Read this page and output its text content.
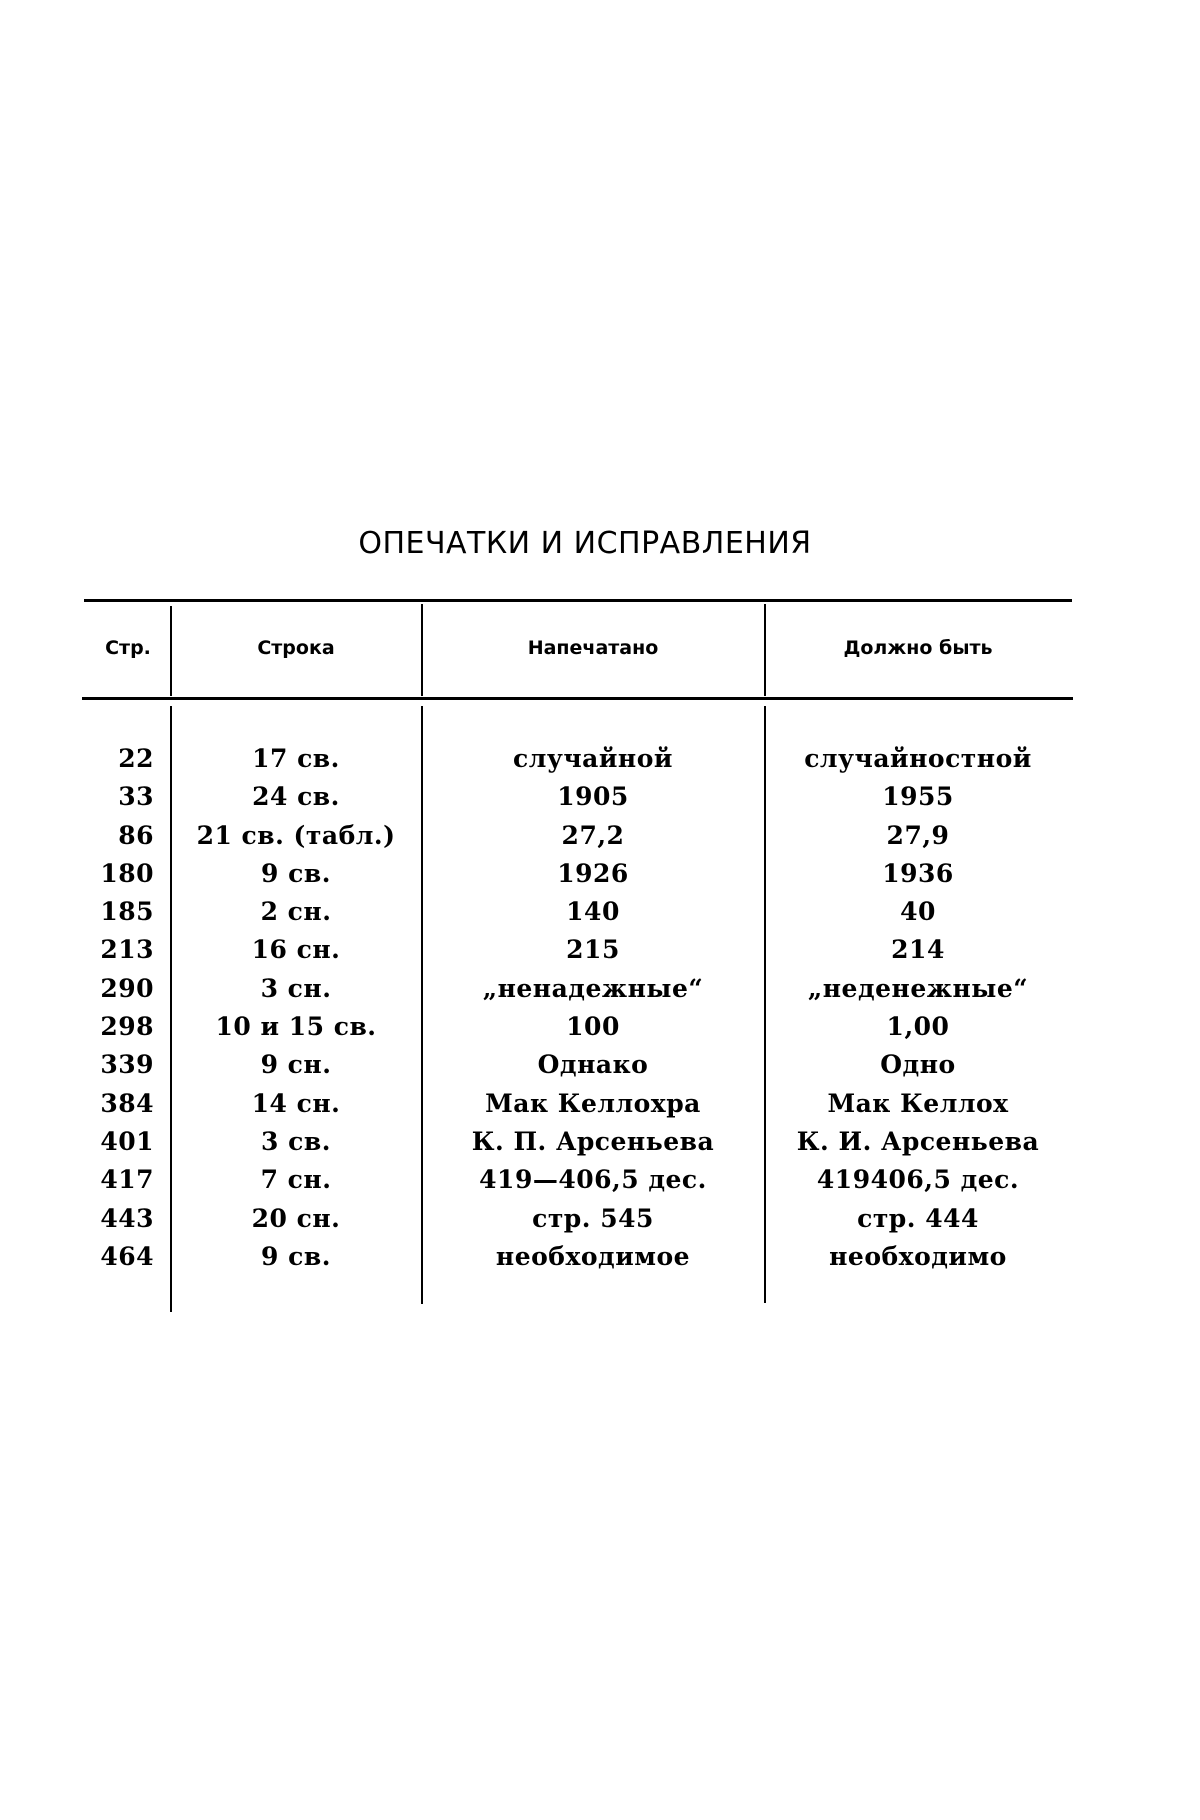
ОПЕЧАТКИ И ИСПРАВЛЕНИЯ
Стр.	Строка	Напечатано	Должно быть
22	17 св.	случайной	случайностной
33	24 св.	1905	1955
86	21 св. (табл.)	27,2	27,9
180	9 св.	1926	1936
185	2 сн.	140	40
213	16 сн.	215	214
290	3 сн.	„ненадежные“	„неденежные“
298	10 и 15 св.	100	1,00
339	9 сн.	Однако	Одно
384	14 сн.	Мак Келлохра	Мак Келлох
401	3 св.	К. П. Арсеньева	К. И. Арсеньева
417	7 сн.	419—406,5 дес.	419406,5 дес.
443	20 сн.	стр. 545	стр. 444
464	9 св.	необходимое	необходимо
